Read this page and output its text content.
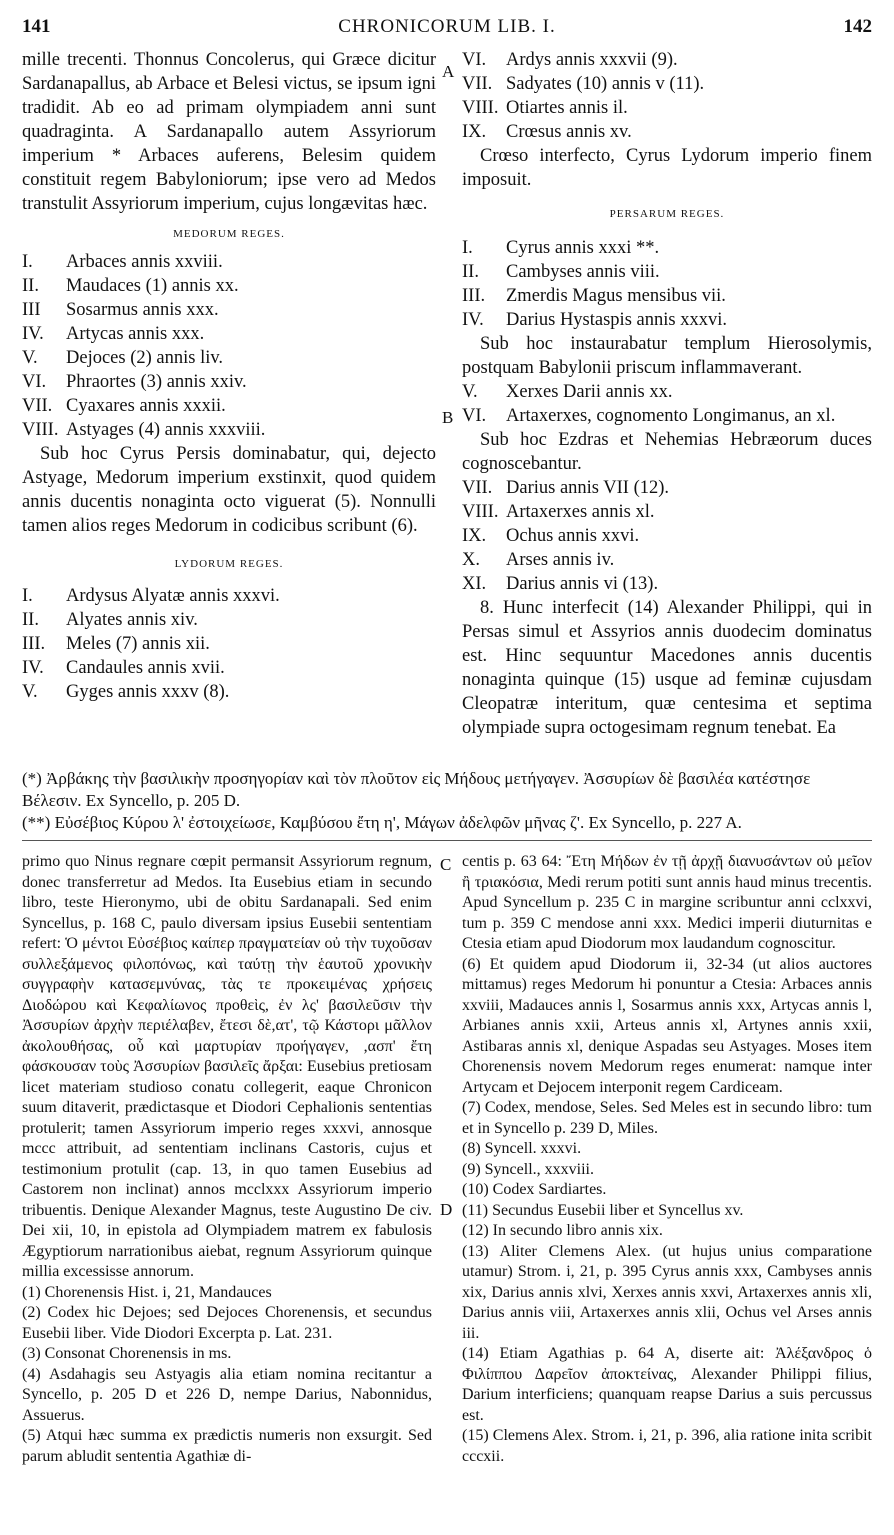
141	CHRONICORUM LIB. I.	142
A
B
C
D

mille trecenti. Thonnus Concolerus, qui Græce dicitur Sardanapallus, ab Arbace et Belesi victus, se ipsum igni tradidit. Ab eo ad primam olympiadem anni sunt quadraginta. A Sardanapallo autem Assyriorum imperium * Arbaces auferens, Belesim quidem constituit regem Babyloniorum; ipse vero ad Medos transtulit Assyriorum imperium, cujus longævitas hæc.

MEDORUM REGES.

I. Arbaces annis xxviii.
II. Maudaces (1) annis xx.
III Sosarmus annis xxx.
IV. Artycas annis xxx.
V. Dejoces (2) annis liv.
VI. Phraortes (3) annis xxiv.
VII. Cyaxares annis xxxii.
VIII. Astyages (4) annis xxxviii.

Sub hoc Cyrus Persis dominabatur, qui, dejecto Astyage, Medorum imperium exstinxit, quod quidem annis ducentis nonaginta octo viguerat (5). Nonnulli tamen alios reges Medorum in codicibus scribunt (6).

LYDORUM REGES.

I. Ardysus Alyatæ annis xxxvi.
II. Alyates annis xiv.
III. Meles (7) annis xii.
IV. Candaules annis xvii.
V. Gyges annis xxxv (8).
VI. Ardys annis xxxvii (9).
VII. Sadyates (10) annis v (11).
VIII. Otiartes annis il.
IX. Crœsus annis xv.

Crœso interfecto, Cyrus Lydorum imperio finem imposuit.

PERSARUM REGES.

I. Cyrus annis xxxi **.
II. Cambyses annis viii.
III. Zmerdis Magus mensibus vii.
IV. Darius Hystaspis annis xxxvi.

Sub hoc instaurabatur templum Hierosolymis, postquam Babylonii priscum inflammaverant.

V. Xerxes Darii annis xx.
VI. Artaxerxes, cognomento Longimanus, an xl.

Sub hoc Ezdras et Nehemias Hebræorum duces cognoscebantur.

VII. Darius annis VII (12).
VIII. Artaxerxes annis xl.
IX. Ochus annis xxvi.
X. Arses annis iv.
XI. Darius annis vi (13).

8. Hunc interfecit (14) Alexander Philippi, qui in Persas simul et Assyrios annis duodecim dominatus est. Hinc sequuntur Macedones annis ducentis nonaginta quinque (15) usque ad feminæ cujusdam Cleopatræ interitum, quæ centesima et septima olympiade supra octogesimam regnum tenebat. Ea

(*) Ἀρβάκης τὴν βασιλικὴν προσηγορίαν καὶ τὸν πλοῦτον εἰς Μήδους μετήγαγεν. Ἀσσυρίων δὲ βασιλέα κατέστησε Βέλεσιν. Ex Syncello, p. 205 D.

(**) Εὐσέβιος Κύρου λ' ἐστοιχείωσε, Καμβύσου ἔτη η', Μάγων ἀδελφῶν μῆνας ζ'. Ex Syncello, p. 227 A.

primo quo Ninus regnare cœpit permansit Assyriorum regnum, donec transferretur ad Medos. Ita Eusebius etiam in secundo libro, teste Hieronymo, ubi de obitu Sardanapali. Sed enim Syncellus, p. 168 C, paulo diversam ipsius Eusebii sententiam refert: Ὁ μέντοι Εὐσέβιος καίπερ πραγματείαν οὐ τὴν τυχοῦσαν συλλεξάμενος φιλοπόνως, καὶ ταύτῃ τὴν ἑαυτοῦ χρονικὴν συγγραφὴν κατασεμνύνας, τὰς τε προκειμένας χρήσεις Διοδώρου καὶ Κεφαλίωνος προθεὶς, ἐν λς' βασιλεῦσιν τὴν Ἀσσυρίων ἀρχὴν περιέλαβεν, ἔτεσι δὲ,ατ', τῷ Κάστορι μᾶλλον ἀκολουθήσας, οὗ καὶ μαρτυρίαν προήγαγεν, ,ασπ' ἔτη φάσκουσαν τοὺς Ἀσσυρίων βασιλεῖς ἄρξαι: Eusebius pretiosam licet materiam studioso conatu collegerit, eaque Chronicon suum ditaverit, prædictasque et Diodori Cephalionis sententias protulerit; tamen Assyriorum imperio reges xxxvi, annosque mccc attribuit, ad sententiam inclinans Castoris, cujus et testimonium protulit (cap. 13, in quo tamen Eusebius ad Castorem non inclinat) annos mcclxxx Assyriorum imperio tribuentis. Denique Alexander Magnus, teste Augustino De civ. Dei xii, 10, in epistola ad Olympiadem matrem ex fabulosis Ægyptiorum narrationibus aiebat, regnum Assyriorum quinque millia excessisse annorum.

(1) Chorenensis Hist. i, 21, Mandauces

(2) Codex hic Dejoes; sed Dejoces Chorenensis, et secundus Eusebii liber. Vide Diodori Excerpta p. Lat. 231.

(3) Consonat Chorenensis in ms.

(4) Asdahagis seu Astyagis alia etiam nomina recitantur a Syncello, p. 205 D et 226 D, nempe Darius, Nabonnidus, Assuerus.

(5) Atqui hæc summa ex prædictis numeris non exsurgit. Sed parum abludit sententia Agathiæ di-

centis p. 63 64: Ἔτη Μήδων ἐν τῇ ἀρχῇ διανυσάντων οὐ μεῖον ἢ τριακόσια, Medi rerum potiti sunt annis haud minus trecentis. Apud Syncellum p. 235 C in margine scribuntur anni cclxxvi, tum p. 359 C mendose anni xxx. Medici imperii diuturnitas e Ctesia etiam apud Diodorum mox laudandum cognoscitur.

(6) Et quidem apud Diodorum ii, 32-34 (ut alios auctores mittamus) reges Medorum hi ponuntur a Ctesia: Arbaces annis xxviii, Madauces annis l, Sosarmus annis xxx, Artycas annis l, Arbianes annis xxii, Arteus annis xl, Artynes annis xxii, Astibaras annis xl, denique Aspadas seu Astyages. Moses item Chorenensis novem Medorum reges enumerat: namque inter Artycam et Dejocem interponit regem Cardiceam.

(7) Codex, mendose, Seles. Sed Meles est in secundo libro: tum et in Syncello p. 239 D, Miles.

(8) Syncell. xxxvi.

(9) Syncell., xxxviii.

(10) Codex Sardiartes.

(11) Secundus Eusebii liber et Syncellus xv.

(12) In secundo libro annis xix.

(13) Aliter Clemens Alex. (ut hujus unius comparatione utamur) Strom. i, 21, p. 395 Cyrus annis xxx, Cambyses annis xix, Darius annis xlvi, Xerxes annis xxvi, Artaxerxes annis xli, Darius annis viii, Artaxerxes annis xlii, Ochus vel Arses annis iii.

(14) Etiam Agathias p. 64 A, diserte ait: Ἀλέξανδρος ὁ Φιλίππου Δαρεῖον ἀποκτείνας, Alexander Philippi filius, Darium interficiens; quanquam reapse Darius a suis percussus est.

(15) Clemens Alex. Strom. i, 21, p. 396, alia ratione inita scribit cccxii.
